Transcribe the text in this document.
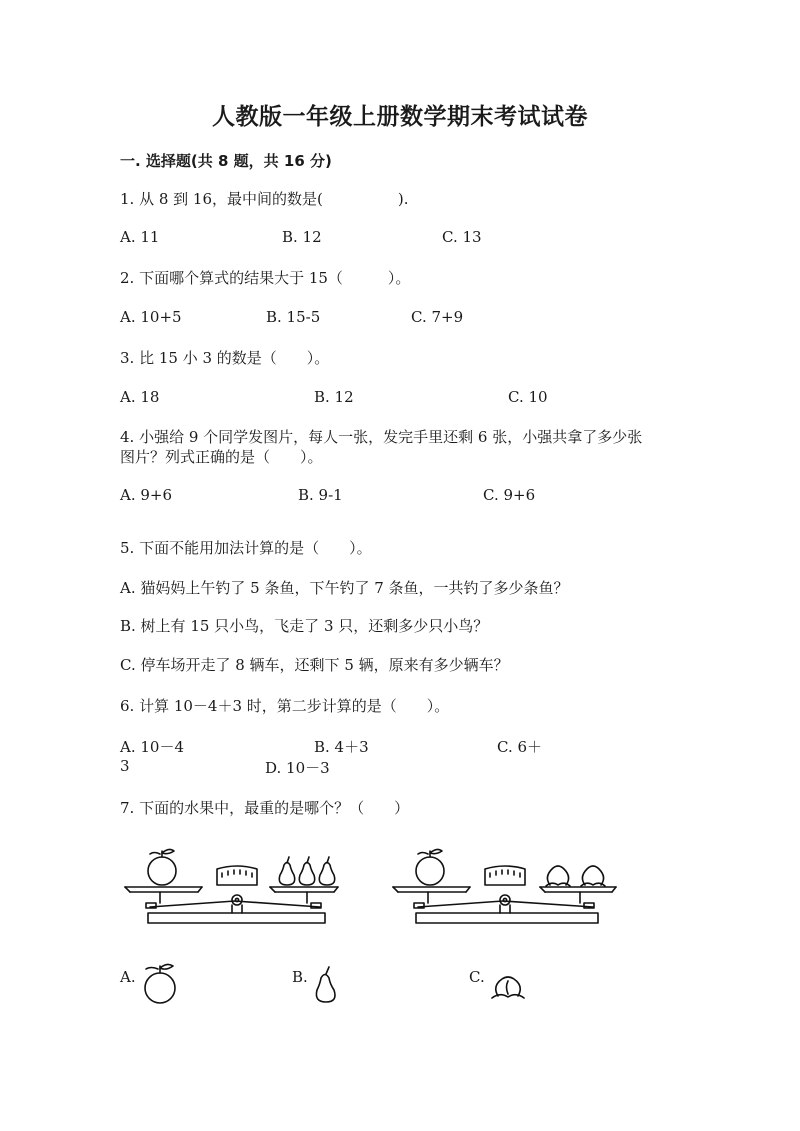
人教版一年级上册数学期末考试试卷
一. 选择题(共 8 题，共 16 分)
1. 从 8 到 16，最中间的数是(　　　　　).
A. 11	B. 12	C. 13
2. 下面哪个算式的结果大于 15（　　　）。
A. 10+5	B. 15-5	C. 7+9
3. 比 15 小 3 的数是（　　）。
A. 18	B. 12	C. 10
4. 小强给 9 个同学发图片，每人一张，发完手里还剩 6 张，小强共拿了多少张
图片？列式正确的是（　　）。
A. 9+6	B. 9-1	C. 9+6
5. 下面不能用加法计算的是（　　）。
A. 猫妈妈上午钓了 5 条鱼，下午钓了 7 条鱼，一共钓了多少条鱼？
B. 树上有 15 只小鸟，飞走了 3 只，还剩多少只小鸟？
C. 停车场开走了 8 辆车，还剩下 5 辆，原来有多少辆车？
6. 计算 10－4＋3 时，第二步计算的是（　　）。
A. 10－4	B. 4＋3	C. 6＋
3	D. 10－3
7. 下面的水果中，最重的是哪个？（　　）
A.	B.	C.
